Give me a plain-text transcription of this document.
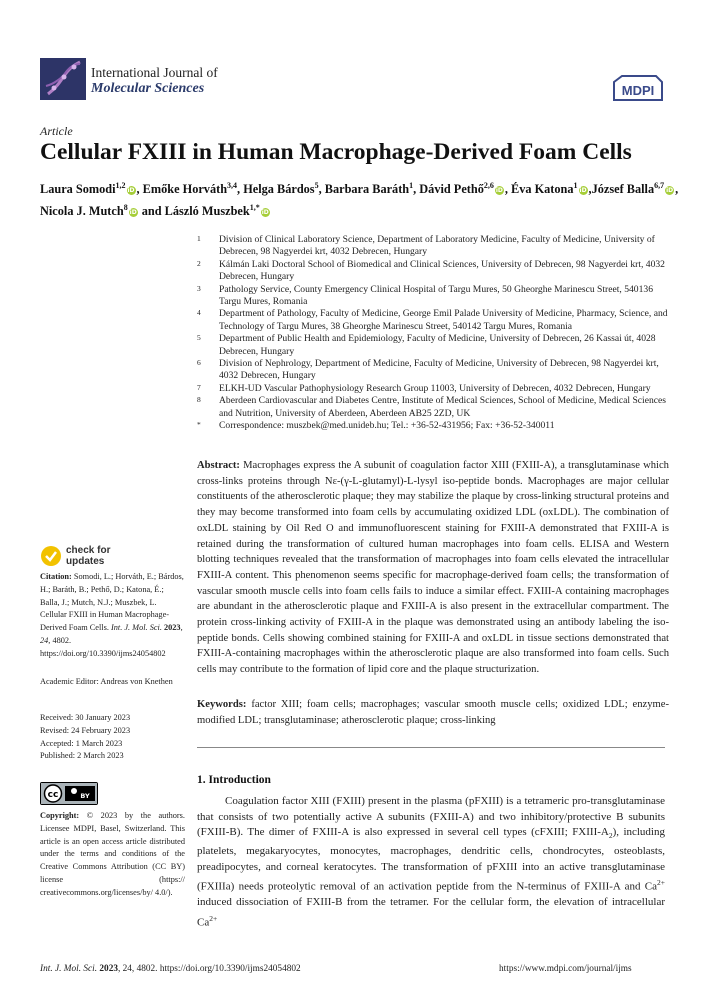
International Journal of
Molecular Sciences	MDPI
Article
Cellular FXIII in Human Macrophage-Derived Foam Cells
Laura Somodi$^{1,2}$iD , Emőke Horváth$^{3,4}$, Helga Bárdos$^5$, Barbara Baráth$^1$, Dávid Pethő$^{2,6}$iD , Éva Katona$^1$iD ,József Balla$^{6,7}$iD , Nicola J. Mutch$^8$iD and László Muszbek$^{1,*}$iD
1 Division of Clinical Laboratory Science, Department of Laboratory Medicine, Faculty of Medicine, University of Debrecen, 98 Nagyerdei krt, 4032 Debrecen, Hungary
2 Kálmán Laki Doctoral School of Biomedical and Clinical Sciences, University of Debrecen, 98 Nagyerdei krt, 4032 Debrecen, Hungary
3 Pathology Service, County Emergency Clinical Hospital of Targu Mures, 50 Gheorghe Marinescu Street, 540136 Targu Mures, Romania
4 Department of Pathology, Faculty of Medicine, George Emil Palade University of Medicine, Pharmacy, Science, and Technology of Targu Mures, 38 Gheorghe Marinescu Street, 540142 Targu Mures, Romania
5 Department of Public Health and Epidemiology, Faculty of Medicine, University of Debrecen, 26 Kassai út, 4028 Debrecen, Hungary
6 Division of Nephrology, Department of Medicine, Faculty of Medicine, University of Debrecen, 98 Nagyerdei krt, 4032 Debrecen, Hungary
7 ELKH-UD Vascular Pathophysiology Research Group 11003, University of Debrecen, 4032 Debrecen, Hungary
8 Aberdeen Cardiovascular and Diabetes Centre, Institute of Medical Sciences, School of Medicine, Medical Sciences and Nutrition, University of Aberdeen, Aberdeen AB25 2ZD, UK
* Correspondence: muszbek@med.unideb.hu; Tel.: +36-52-431956; Fax: +36-52-340011
Abstract: Macrophages express the A subunit of coagulation factor XIII (FXIII-A), a transglutaminase which cross-links proteins through Nε-(γ-L-glutamyl)-L-lysyl iso-peptide bonds. Macrophages are major cellular constituents of the atherosclerotic plaque; they may stabilize the plaque by cross-linking structural proteins and they may become transformed into foam cells by accumulating oxidized LDL (oxLDL). The combination of oxLDL staining by Oil Red O and immunofluorescent staining for FXIII-A demonstrated that FXIII-A is retained during the transformation of cultured human macrophages into foam cells. ELISA and Western blotting techniques revealed that the transformation of macrophages into foam cells elevated the intracellular FXIII-A content. This phenomenon seems specific for macrophage-derived foam cells; the transformation of vascular smooth muscle cells into foam cells fails to induce a similar effect. FXIII-A containing macrophages are abundant in the atherosclerotic plaque and FXIII-A is also present in the extracellular compartment. The protein cross-linking activity of FXIII-A in the plaque was demonstrated using an antibody labeling the iso-peptide bonds. Cells showing combined staining for FXIII-A and oxLDL in tissue sections demonstrated that FXIII-A-containing macrophages within the atherosclerotic plaque are also transformed into foam cells. Such cells may contribute to the formation of lipid core and the plaque structurization.
Keywords: factor XIII; foam cells; macrophages; vascular smooth muscle cells; oxidized LDL; enzyme-modified LDL; transglutaminase; atherosclerotic plaque; cross-linking
1. Introduction
Coagulation factor XIII (FXIII) present in the plasma (pFXIII) is a tetrameric pro-transglutaminase that consists of two potentially active A subunits (FXIII-A) and two inhibitory/protective B subunits (FXIII-B). The dimer of FXIII-A is also expressed in several cell types (cFXIII; FXIII-$A_2$), including platelets, megakaryocytes, monocytes, macrophages, dendritic cells, chondrocytes, osteoblasts, preadipocytes, and corneal keratocytes. The transformation of pFXIII into an active transglutaminase (FXIIIa) needs proteolytic removal of an activation peptide from the N-terminus of FXIII-A and $Ca^{2+}$ induced dissociation of FXIII-B from the tetramer. For the cellular form, the elevation of intracellular $Ca^{2+}$
check for
updates
Citation: Somodi, L.; Horváth, E.; Bárdos, H.; Baráth, B.; Pethő, D.; Katona, É.; Balla, J.; Mutch, N.J.; Muszbek, L. Cellular FXIII in Human Macrophage-Derived Foam Cells. Int. J. Mol. Sci. 2023, 24, 4802. https://doi.org/10.3390/ijms24054802
Academic Editor: Andreas von Knethen
Received: 30 January 2023
Revised: 24 February 2023
Accepted: 1 March 2023
Published: 2 March 2023
cc	BY
Copyright: © 2023 by the authors. Licensee MDPI, Basel, Switzerland. This article is an open access article distributed under the terms and conditions of the Creative Commons Attribution (CC BY) license (https:// creativecommons.org/licenses/by/ 4.0/).
Int. J. Mol. Sci. 2023, 24, 4802. https://doi.org/10.3390/ijms24054802	https://www.mdpi.com/journal/ijms
